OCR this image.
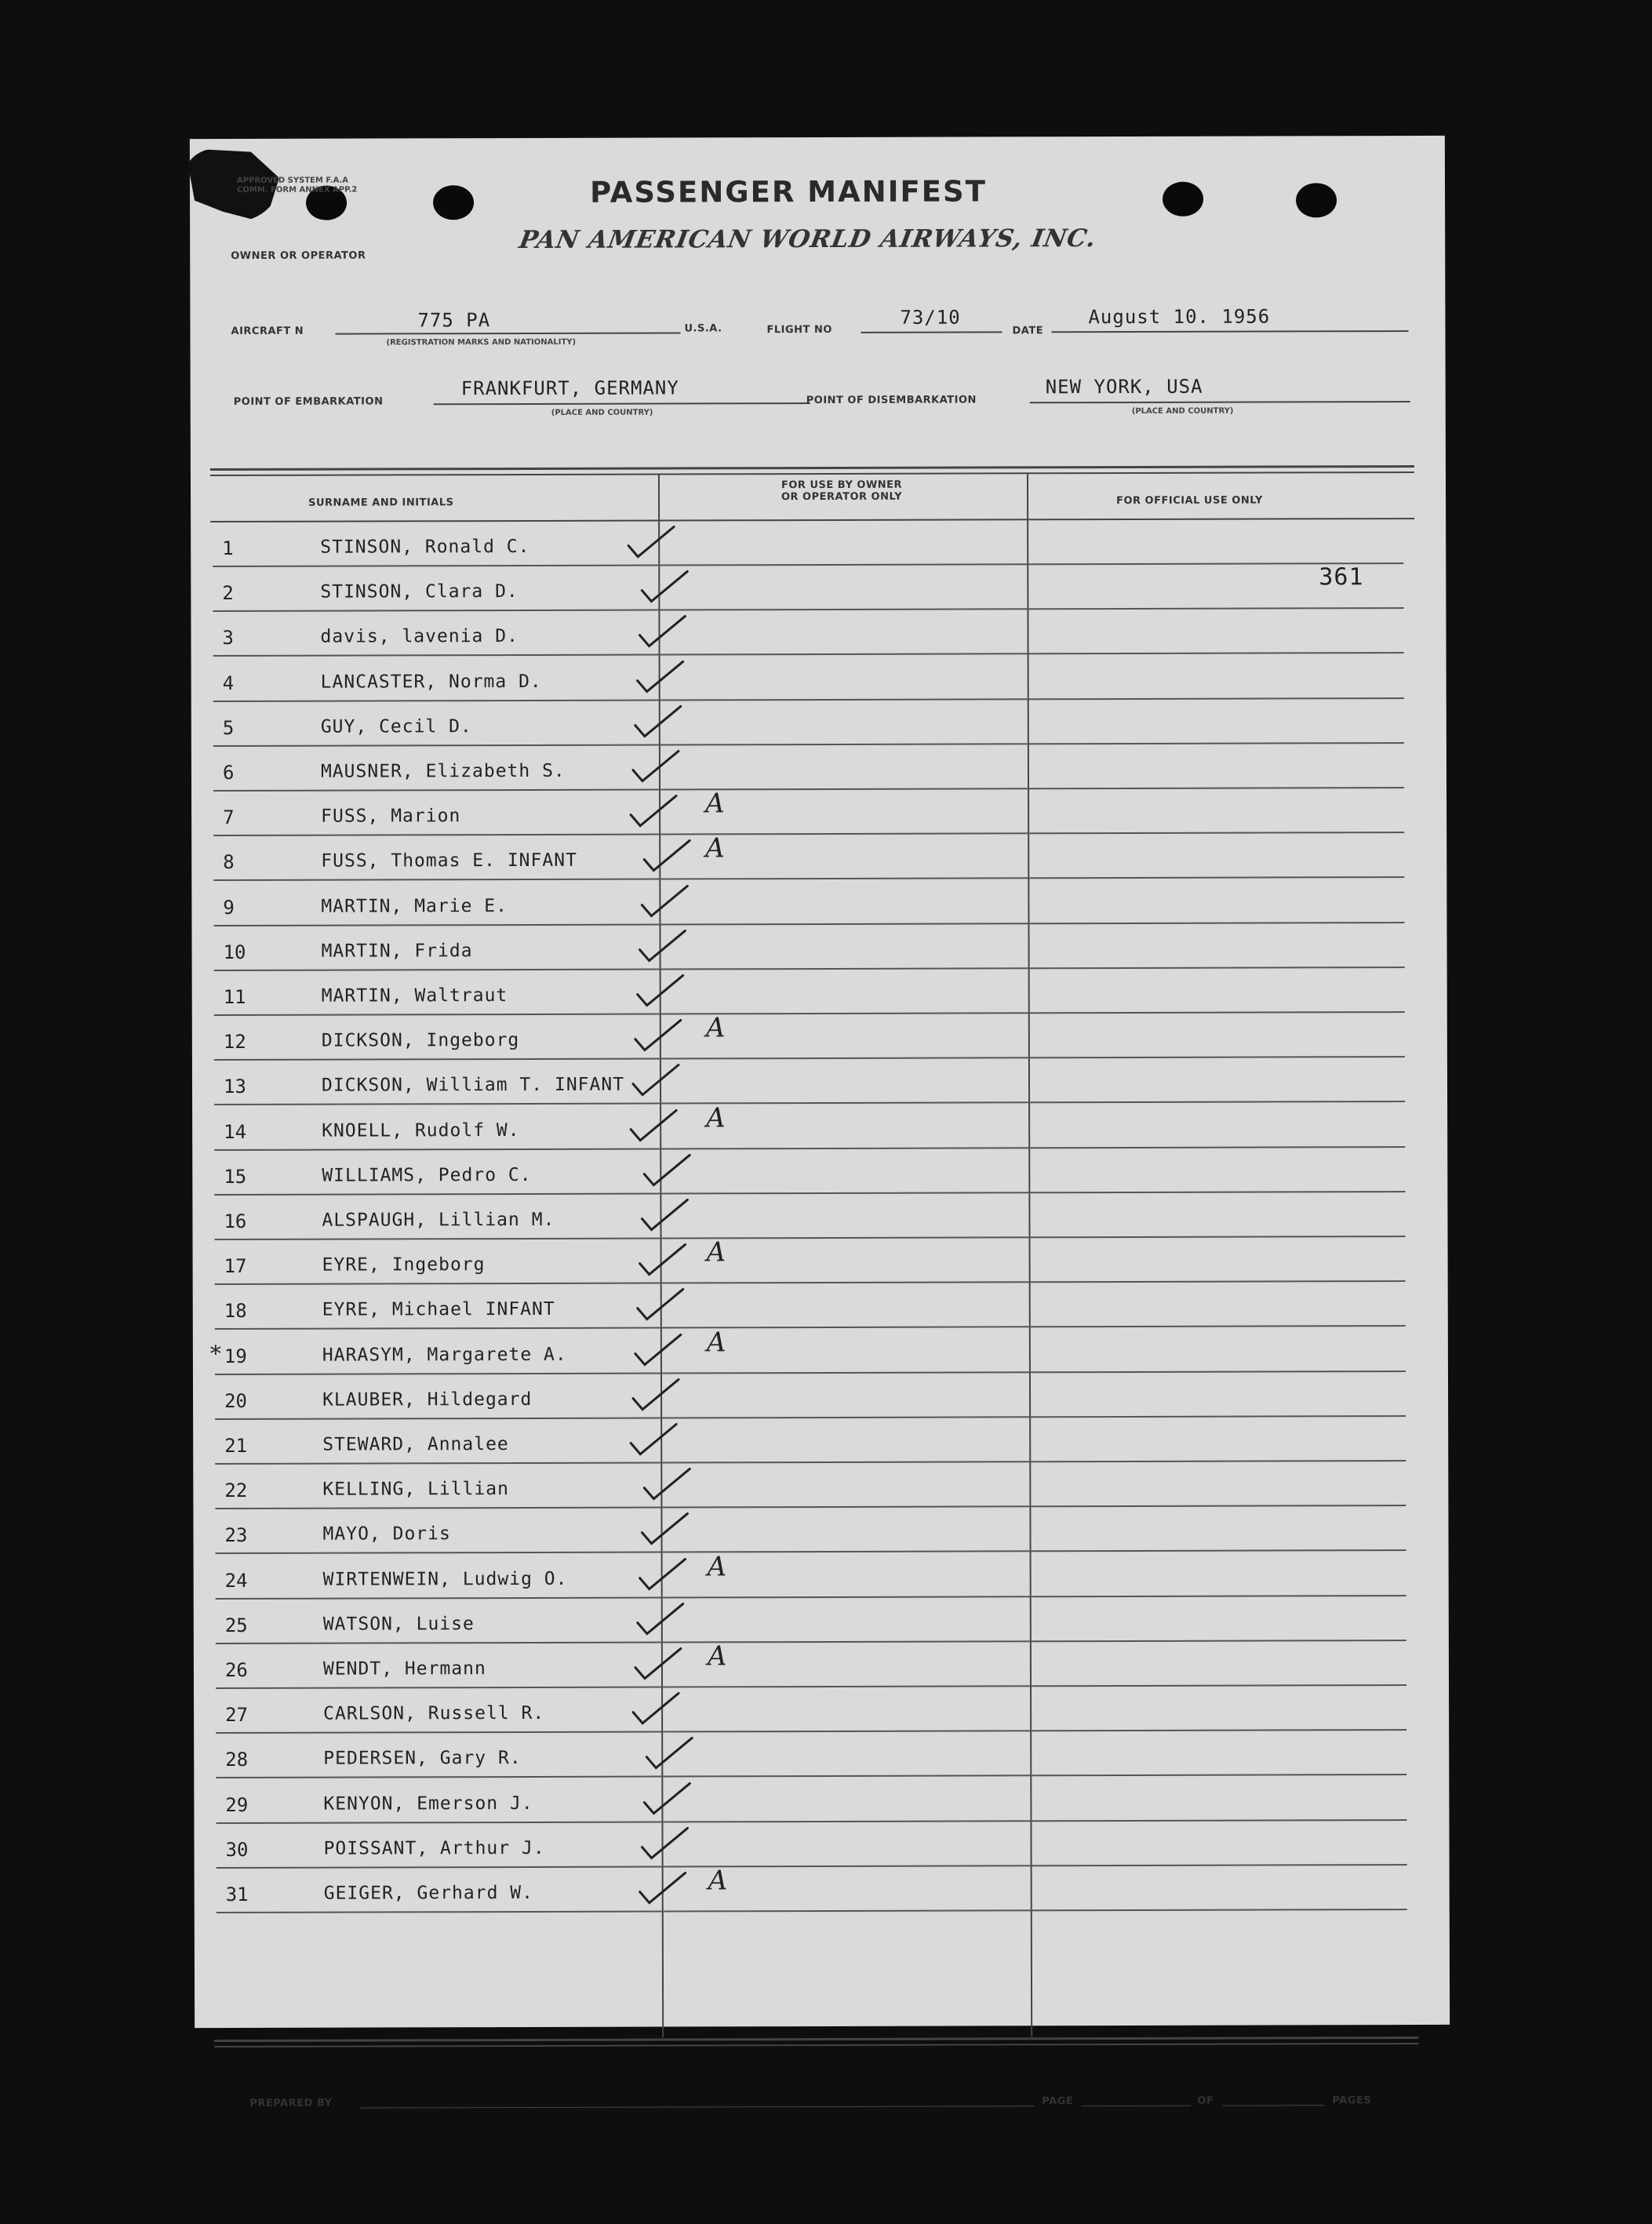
APPROVED SYSTEM F.A.A COMM. FORM ANNEX APP.2	PASSENGER MANIFEST
PAN AMERICAN WORLD AIRWAYS, INC.
OWNER OR OPERATOR
AIRCRAFT N
775 PA
(REGISTRATION MARKS AND NATIONALITY)
U.S.A.	FLIGHT NO
73/10
DATE
August 10. 1956
POINT OF EMBARKATION
FRANKFURT, GERMANY
(PLACE AND COUNTRY)
POINT OF DISEMBARKATION
NEW YORK, USA
(PLACE AND COUNTRY)
SURNAME AND INITIALS
FOR USE BY OWNER OR OPERATOR ONLY	FOR OFFICIAL USE ONLY
361
PREPARED BY	PAGE	OF	PAGES
1	STINSON, Ronald C.
2	STINSON, Clara D.
3	davis, lavenia D.
4	LANCASTER, Norma D.
5	GUY, Cecil D.
6	MAUSNER, Elizabeth S.
7	FUSS, Marion	A
8	FUSS, Thomas E. INFANT	A
9	MARTIN, Marie E.
10	MARTIN, Frida
11	MARTIN, Waltraut
12	DICKSON, Ingeborg	A
13	DICKSON, William T. INFANT
14	KNOELL, Rudolf W.	A
15	WILLIAMS, Pedro C.
16	ALSPAUGH, Lillian M.
17	EYRE, Ingeborg	A
18	EYRE, Michael INFANT
19	HARASYM, Margarete A.	A
*
20	KLAUBER, Hildegard
21	STEWARD, Annalee
22	KELLING, Lillian
23	MAYO, Doris
24	WIRTENWEIN, Ludwig O.	A
25	WATSON, Luise
26	WENDT, Hermann	A
27	CARLSON, Russell R.
28	PEDERSEN, Gary R.
29	KENYON, Emerson J.
30	POISSANT, Arthur J.
31	GEIGER, Gerhard W.	A
